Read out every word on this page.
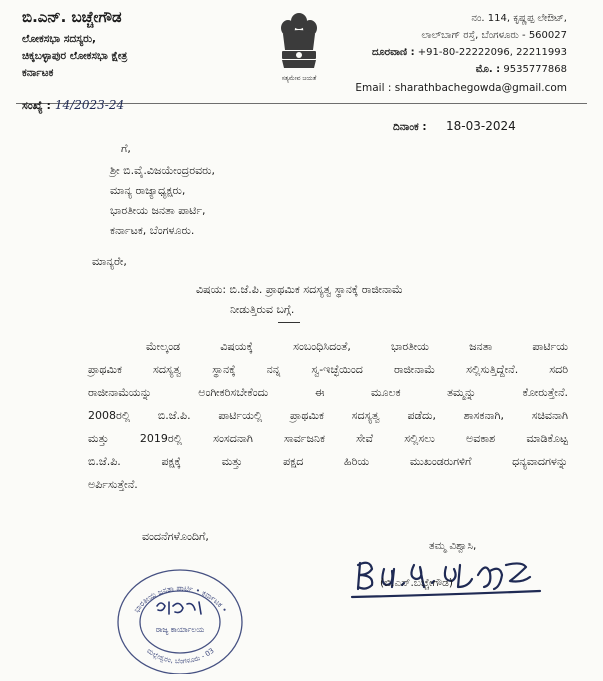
ಬಿ.ಎನ್. ಬಚ್ಚೇಗೌಡ
ಲೋಕಸಭಾ ಸದಸ್ಯರು,
ಚಿಕ್ಕಬಳ್ಳಾಪುರ ಲೋಕಸಭಾ ಕ್ಷೇತ್ರ
ಕರ್ನಾಟಕ	ಸತ್ಯಮೇವ ಜಯತೆ
ನಂ. 114, ಕೃಷ್ಣಪ್ಪ ಲೇಔಟ್,
ಲಾಲ್‌ಬಾಗ್ ರಸ್ತೆ, ಬೆಂಗಳೂರು - 560027
ದೂರವಾಣಿ : +91-80-22222096, 22211993
ಮೊ. : 9535777868
Email : sharathbachegowda@gmail.com
ಸಂಖ್ಯೆ : 14/2023-24
ದಿನಾಂಕ : 18-03-2024
ಗೆ,
ಶ್ರೀ ಬಿ.ವೈ.ವಿಜಯೇಂದ್ರರವರು,
ಮಾನ್ಯ ರಾಜ್ಯಾಧ್ಯಕ್ಷರು,
ಭಾರತೀಯ ಜನತಾ ಪಾರ್ಟಿ,
ಕರ್ನಾಟಕ, ಬೆಂಗಳೂರು.
ಮಾನ್ಯರೇ,
ವಿಷಯ: ಬಿ.ಜೆ.ಪಿ. ಪ್ರಾಥಮಿಕ ಸದಸ್ಯತ್ವ ಸ್ಥಾನಕ್ಕೆ ರಾಜೀನಾಮೆ
ನೀಡುತ್ತಿರುವ ಬಗ್ಗೆ.
ಮೇಲ್ಕಂಡ ವಿಷಯಕ್ಕೆ ಸಂಬಂಧಿಸಿದಂತೆ, ಭಾರತೀಯ ಜನತಾ ಪಾರ್ಟಿಯ
ಪ್ರಾಥಮಿಕ ಸದಸ್ಯತ್ವ ಸ್ಥಾನಕ್ಕೆ ನನ್ನ ಸ್ವ-ಇಚ್ಛೆಯಿಂದ ರಾಜೀನಾಮೆ ಸಲ್ಲಿಸುತ್ತಿದ್ದೇನೆ. ಸದರಿ
ರಾಜೀನಾಮೆಯನ್ನು ಅಂಗೀಕರಿಸಬೇಕೆಂದು ಈ ಮೂಲಕ ತಮ್ಮನ್ನು ಕೋರುತ್ತೇನೆ.
2008ರಲ್ಲಿ ಬಿ.ಜೆ.ಪಿ. ಪಾರ್ಟಿಯಲ್ಲಿ ಪ್ರಾಥಮಿಕ ಸದಸ್ಯತ್ವ ಪಡೆದು, ಶಾಸಕನಾಗಿ, ಸಚಿವನಾಗಿ
ಮತ್ತು 2019ರಲ್ಲಿ ಸಂಸದನಾಗಿ ಸಾರ್ವಜನಿಕ ಸೇವೆ ಸಲ್ಲಿಸಲು ಅವಕಾಶ ಮಾಡಿಕೊಟ್ಟ
ಬಿ.ಜೆ.ಪಿ. ಪಕ್ಷಕ್ಕೆ ಮತ್ತು ಪಕ್ಷದ ಹಿರಿಯ ಮುಖಂಡರುಗಳಿಗೆ ಧನ್ಯವಾದಗಳನ್ನು
ಅರ್ಪಿಸುತ್ತೇನೆ.
ವಂದನೆಗಳೊಂದಿಗೆ,
ತಮ್ಮ ವಿಶ್ವಾಸಿ,
(ಬಿ.ಎನ್.ಬಚ್ಚೇಗೌಡ)
ಭಾರತೀಯ ಜನತಾ ಪಾರ್ಟಿ • ಕರ್ನಾಟಕ •
ಮಲ್ಲೇಶ್ವರಂ, ಬೆಂಗಳೂರು - 03
ರಾಜ್ಯ ಕಾರ್ಯಾಲಯ
